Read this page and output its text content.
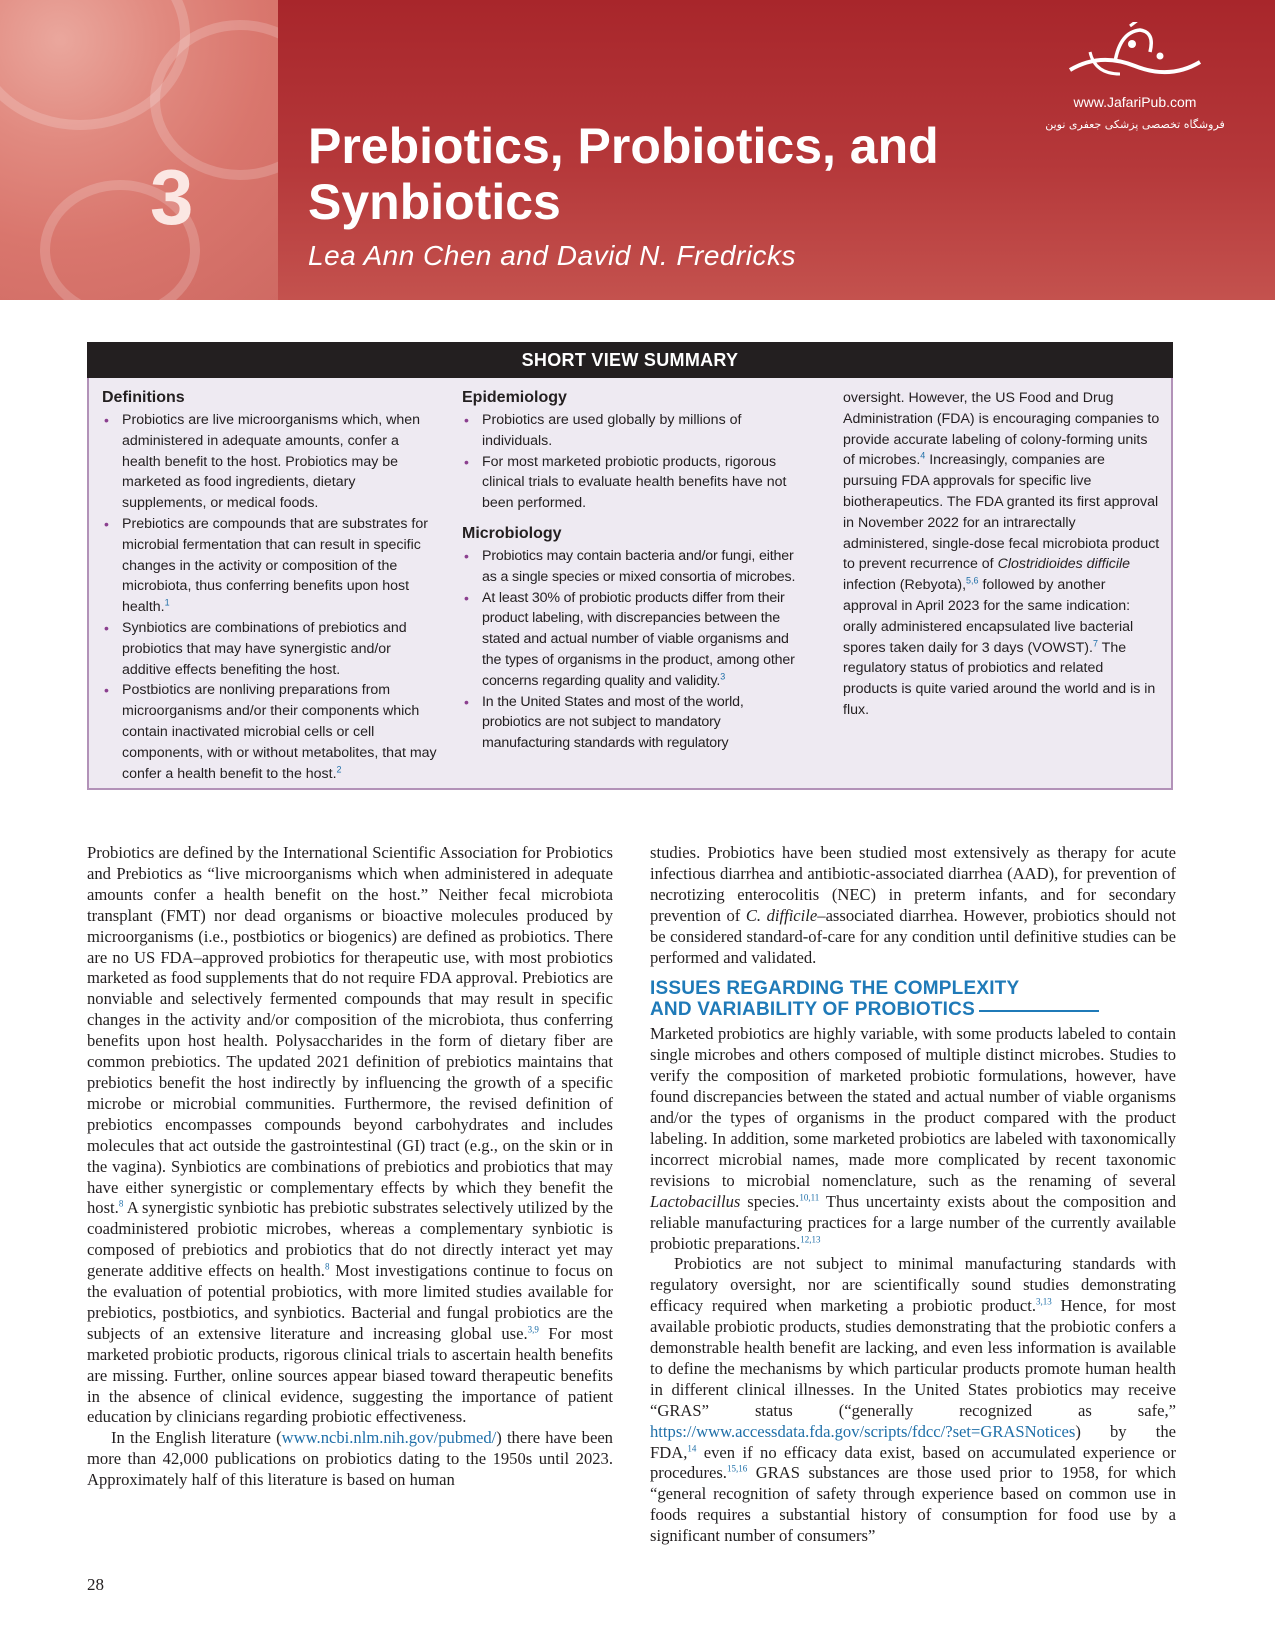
3
Prebiotics, Probiotics, and Synbiotics
Lea Ann Chen and David N. Fredricks
www.JafariPub.com
فروشگاه تخصصی پزشکی جعفری نوین
SHORT VIEW SUMMARY
Definitions
• Probiotics are live microorganisms which, when administered in adequate amounts, confer a health benefit to the host. Probiotics may be marketed as food ingredients, dietary supplements, or medical foods.
• Prebiotics are compounds that are substrates for microbial fermentation that can result in specific changes in the activity or composition of the microbiota, thus conferring benefits upon host health.$^1$
• Synbiotics are combinations of prebiotics and probiotics that may have synergistic and/or additive effects benefiting the host.
• Postbiotics are nonliving preparations from microorganisms and/or their components which contain inactivated microbial cells or cell components, with or without metabolites, that may confer a health benefit to the host.$^2$
Epidemiology
• Probiotics are used globally by millions of individuals.
• For most marketed probiotic products, rigorous clinical trials to evaluate health benefits have not been performed.
Microbiology
• Probiotics may contain bacteria and/or fungi, either as a single species or mixed consortia of microbes.
• At least 30% of probiotic products differ from their product labeling, with discrepancies between the stated and actual number of viable organisms and the types of organisms in the product, among other concerns regarding quality and validity.$^3$
• In the United States and most of the world, probiotics are not subject to mandatory manufacturing standards with regulatory
oversight. However, the US Food and Drug Administration (FDA) is encouraging companies to provide accurate labeling of colony-forming units of microbes.$^4$ Increasingly, companies are pursuing FDA approvals for specific live biotherapeutics. The FDA granted its first approval in November 2022 for an intrarectally administered, single-dose fecal microbiota product to prevent recurrence of Clostridioides difficile infection (Rebyota),$^{5,6}$ followed by another approval in April 2023 for the same indication: orally administered encapsulated live bacterial spores taken daily for 3 days (VOWST).$^7$ The regulatory status of probiotics and related products is quite varied around the world and is in flux.

Probiotics are defined by the International Scientific Association for Probiotics and Prebiotics as “live microorganisms which when administered in adequate amounts confer a health benefit on the host.” Neither fecal microbiota transplant (FMT) nor dead organisms or bioactive molecules produced by microorganisms (i.e., postbiotics or biogenics) are defined as probiotics. There are no US FDA–approved probiotics for therapeutic use, with most probiotics marketed as food supplements that do not require FDA approval. Prebiotics are nonviable and selectively fermented compounds that may result in specific changes in the activity and/or composition of the microbiota, thus conferring benefits upon host health. Polysaccharides in the form of dietary fiber are common prebiotics. The updated 2021 definition of prebiotics maintains that prebiotics benefit the host indirectly by influencing the growth of a specific microbe or microbial communities. Furthermore, the revised definition of prebiotics encompasses compounds beyond carbohydrates and includes molecules that act outside the gastrointestinal (GI) tract (e.g., on the skin or in the vagina). Synbiotics are combinations of prebiotics and probiotics that may have either synergistic or complementary effects by which they benefit the host.$^8$ A synergistic synbiotic has prebiotic substrates selectively utilized by the coadministered probiotic microbes, whereas a complementary synbiotic is composed of prebiotics and probiotics that do not directly interact yet may generate additive effects on health.$^8$ Most investigations continue to focus on the evaluation of potential probiotics, with more limited studies available for prebiotics, postbiotics, and synbiotics. Bacterial and fungal probiotics are the subjects of an extensive literature and increasing global use.$^{3,9}$ For most marketed probiotic products, rigorous clinical trials to ascertain health benefits are missing. Further, online sources appear biased toward therapeutic benefits in the absence of clinical evidence, suggesting the importance of patient education by clinicians regarding probiotic effectiveness.

In the English literature (www.ncbi.nlm.nih.gov/pubmed/) there have been more than 42,000 publications on probiotics dating to the 1950s until 2023. Approximately half of this literature is based on human

studies. Probiotics have been studied most extensively as therapy for acute infectious diarrhea and antibiotic-associated diarrhea (AAD), for prevention of necrotizing enterocolitis (NEC) in preterm infants, and for secondary prevention of C. difficile–associated diarrhea. However, probiotics should not be considered standard-of-care for any condition until definitive studies can be performed and validated.

ISSUES REGARDING THE COMPLEXITY
AND VARIABILITY OF PROBIOTICS

Marketed probiotics are highly variable, with some products labeled to contain single microbes and others composed of multiple distinct microbes. Studies to verify the composition of marketed probiotic formulations, however, have found discrepancies between the stated and actual number of viable organisms and/or the types of organisms in the product compared with the product labeling. In addition, some marketed probiotics are labeled with taxonomically incorrect microbial names, made more complicated by recent taxonomic revisions to microbial nomenclature, such as the renaming of several Lactobacillus species.$^{10,11}$ Thus uncertainty exists about the composition and reliable manufacturing practices for a large number of the currently available probiotic preparations.$^{12,13}$

Probiotics are not subject to minimal manufacturing standards with regulatory oversight, nor are scientifically sound studies demonstrating efficacy required when marketing a probiotic product.$^{3,13}$ Hence, for most available probiotic products, studies demonstrating that the probiotic confers a demonstrable health benefit are lacking, and even less information is available to define the mechanisms by which particular products promote human health in different clinical illnesses. In the United States probiotics may receive “GRAS” status (“generally recognized as safe,” https://www.accessdata.fda.gov/scripts/fdcc/?set=GRASNotices) by the FDA,$^{14}$ even if no efficacy data exist, based on accumulated experience or procedures.$^{15,16}$ GRAS substances are those used prior to 1958, for which “general recognition of safety through experience based on common use in foods requires a substantial history of consumption for food use by a significant number of consumers”

28
